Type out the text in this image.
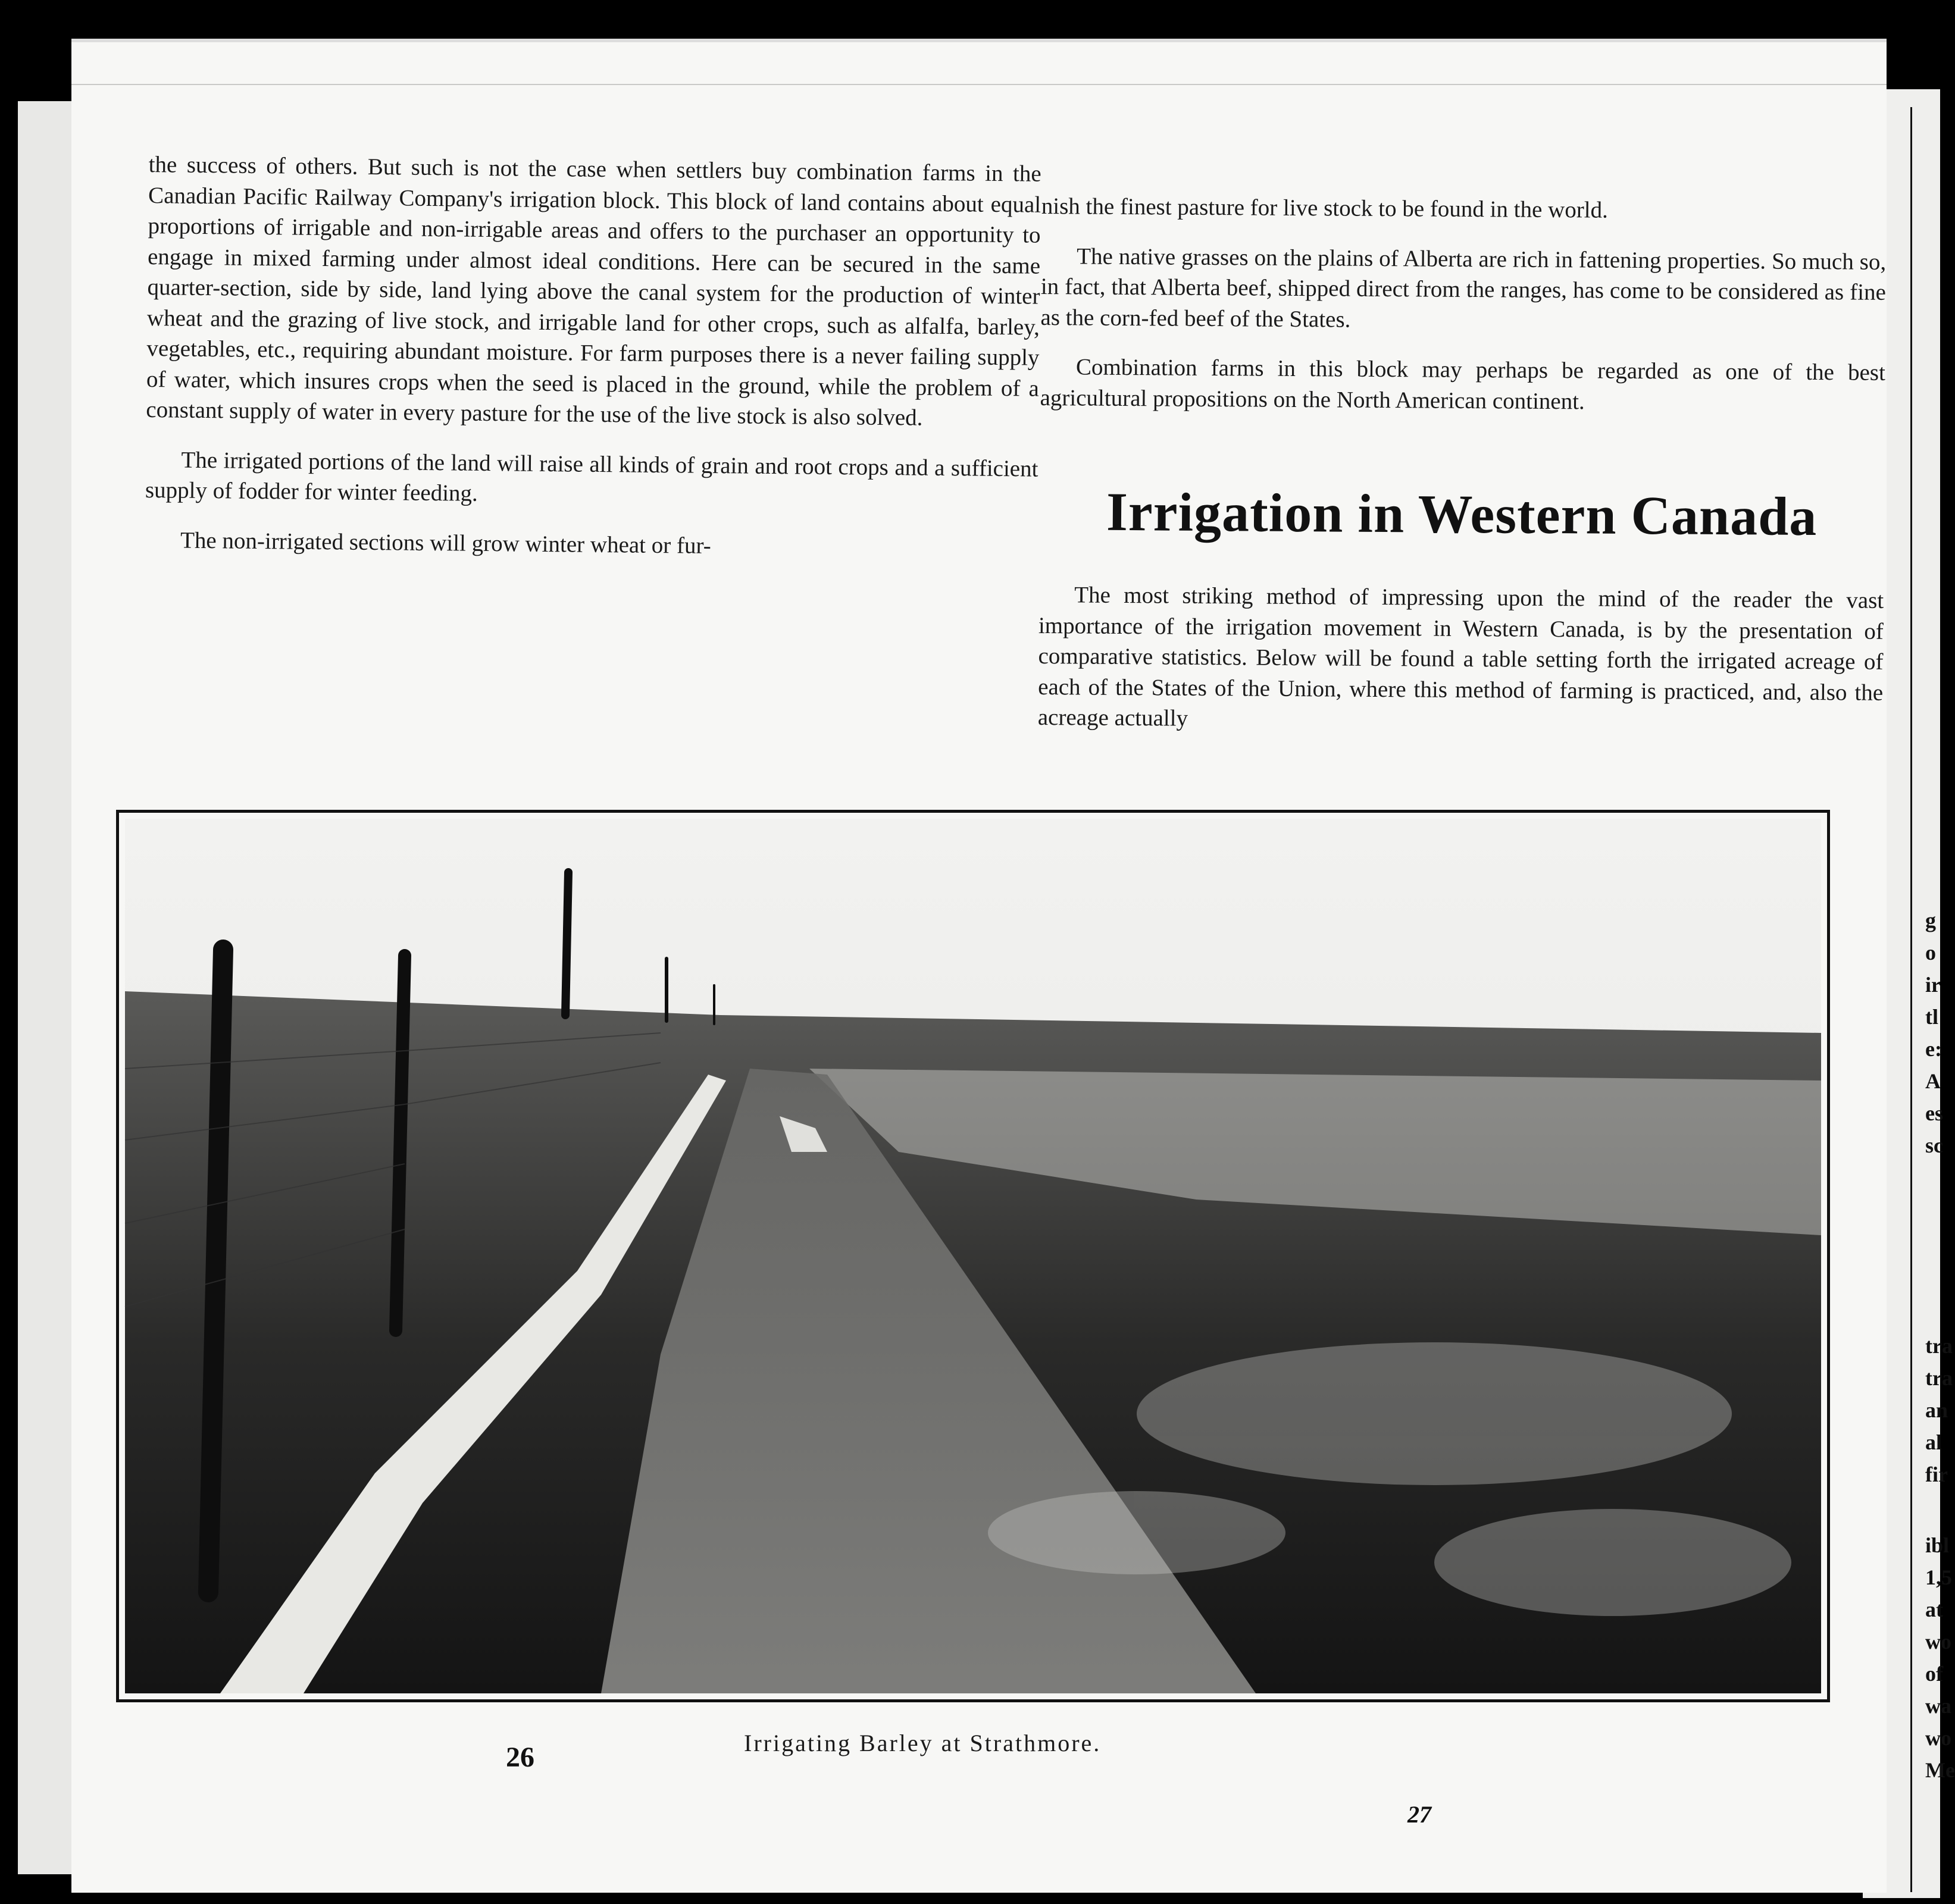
g
o
ir
tl
e:
A
es
sc
tra
tra
an
al
fir
ibl
1,5
at
wo
of
wa
wo
Me

the success of others. But such is not the case when settlers buy combination farms in the Canadian Pacific Railway Company's irrigation block. This block of land contains about equal proportions of irrigable and non-irrigable areas and offers to the purchaser an opportunity to engage in mixed farming under almost ideal conditions. Here can be secured in the same quarter-section, side by side, land lying above the canal system for the production of winter wheat and the grazing of live stock, and irrigable land for other crops, such as alfalfa, barley, vegetables, etc., requiring abundant moisture. For farm purposes there is a never failing supply of water, which insures crops when the seed is placed in the ground, while the problem of a constant supply of water in every pasture for the use of the live stock is also solved.

The irrigated portions of the land will raise all kinds of grain and root crops and a sufficient supply of fodder for winter feeding.

The non-irrigated sections will grow winter wheat or fur-

nish the finest pasture for live stock to be found in the world.

The native grasses on the plains of Alberta are rich in fattening properties. So much so, in fact, that Alberta beef, shipped direct from the ranges, has come to be considered as fine as the corn-fed beef of the States.

Combination farms in this block may perhaps be regarded as one of the best agricultural propositions on the North American continent.

Irrigation in Western Canada

The most striking method of impressing upon the mind of the reader the vast importance of the irrigation movement in Western Canada, is by the presentation of comparative statistics. Below will be found a table setting forth the irrigated acreage of each of the States of the Union, where this method of farming is practiced, and, also the acreage actually

Irrigating Barley at Strathmore.
26
27
